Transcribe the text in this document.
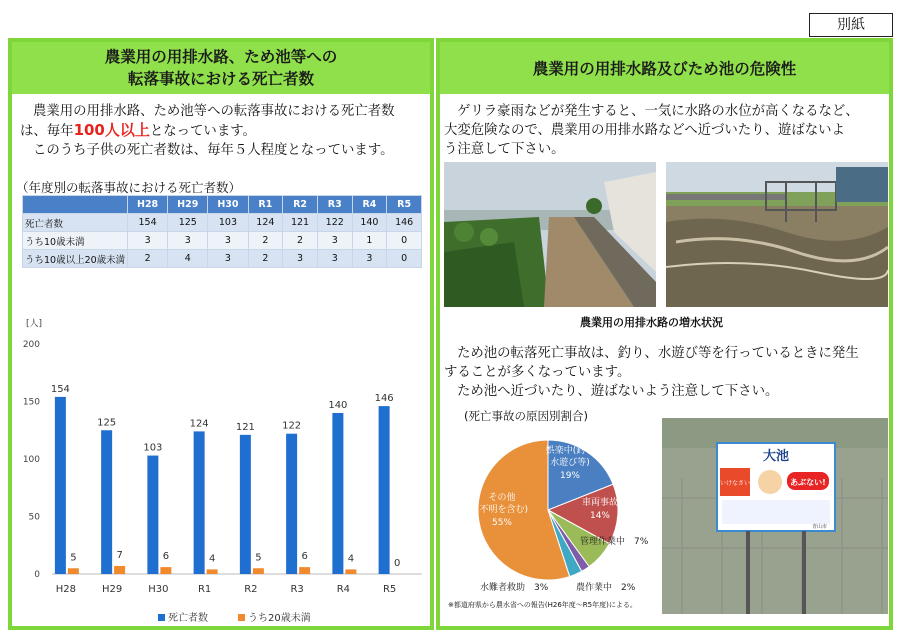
別紙
農業用の用排水路、ため池等への
転落事故における死亡者数
農業用の用排水路、ため池等への転落事故における死亡者数
は、毎年100人以上となっています。
このうち子供の死亡者数は、毎年５人程度となっています。
（年度別の転落事故における死亡者数）
	H28	H29	H30	R1	R2	R3	R4	R5
死亡者数	154	125	103	124	121	122	140	146
うち10歳未満	3	3	3	2	2	3	1	0
うち10歳以上20歳未満	2	4	3	2	3	3	3	0
[人]
0
50
100
150
200
154
5
H28
125
7
H29
103
6
H30
124
4
R1
121
5
R2
122
6
R3
140
4
R4
146
0
R5
死亡者数	うち20歳未満
農業用の用排水路及びため池の危険性
ゲリラ豪雨などが発生すると、一気に水路の水位が高くなるなど、
大変危険なので、農業用の用排水路などへ近づいたり、遊ばないよ
う注意して下さい。
農業用の用排水路の増水状況
ため池の転落死亡事故は、釣り、水遊び等を行っているときに発生
することが多くなっています。
ため池へ近づいたり、遊ばないよう注意して下さい。
(死亡事故の原因別割合)
娯楽中(釣り
水遊び等)
19%
車両事故
14%
管理作業中　7%
その他
(不明を含む)
55%
農作業中　2%
水難者救助　3%
※都道府県から農水省への報告(H26年度～R5年度)による。
大池
いけなさい	あぶない!
青山市
